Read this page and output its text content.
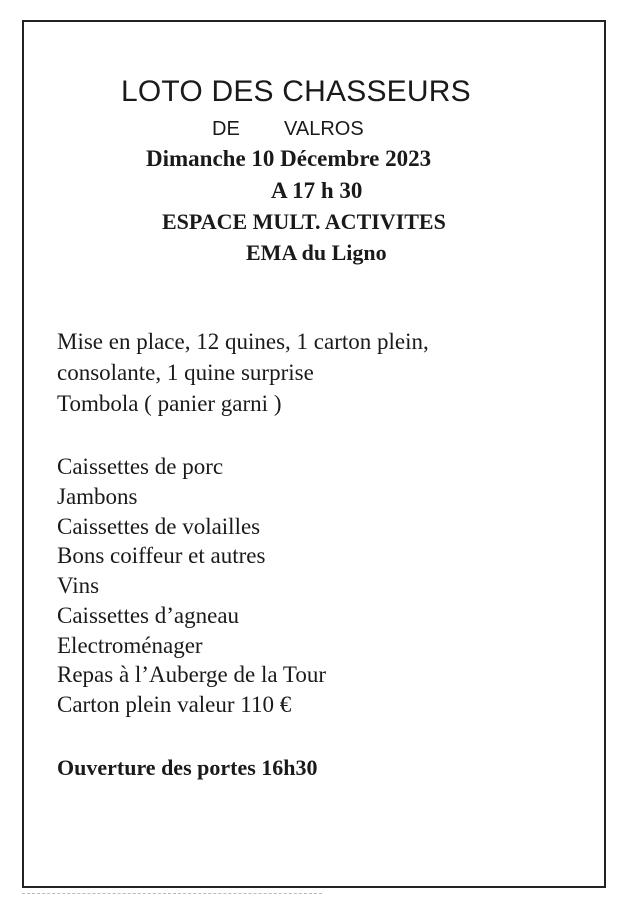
LOTO DES CHASSEURS

DE VALROS

Dimanche 10 Décembre 2023

A 17 h 30

ESPACE MULT. ACTIVITES

EMA du Ligno

Mise en place, 12 quines, 1 carton plein,

consolante, 1 quine surprise

Tombola ( panier garni )

Caissettes de porc

Jambons

Caissettes de volailles

Bons coiffeur et autres

Vins

Caissettes d’agneau

Electroménager

Repas à l’Auberge de la Tour

Carton plein valeur 110 €

Ouverture des portes 16h30
